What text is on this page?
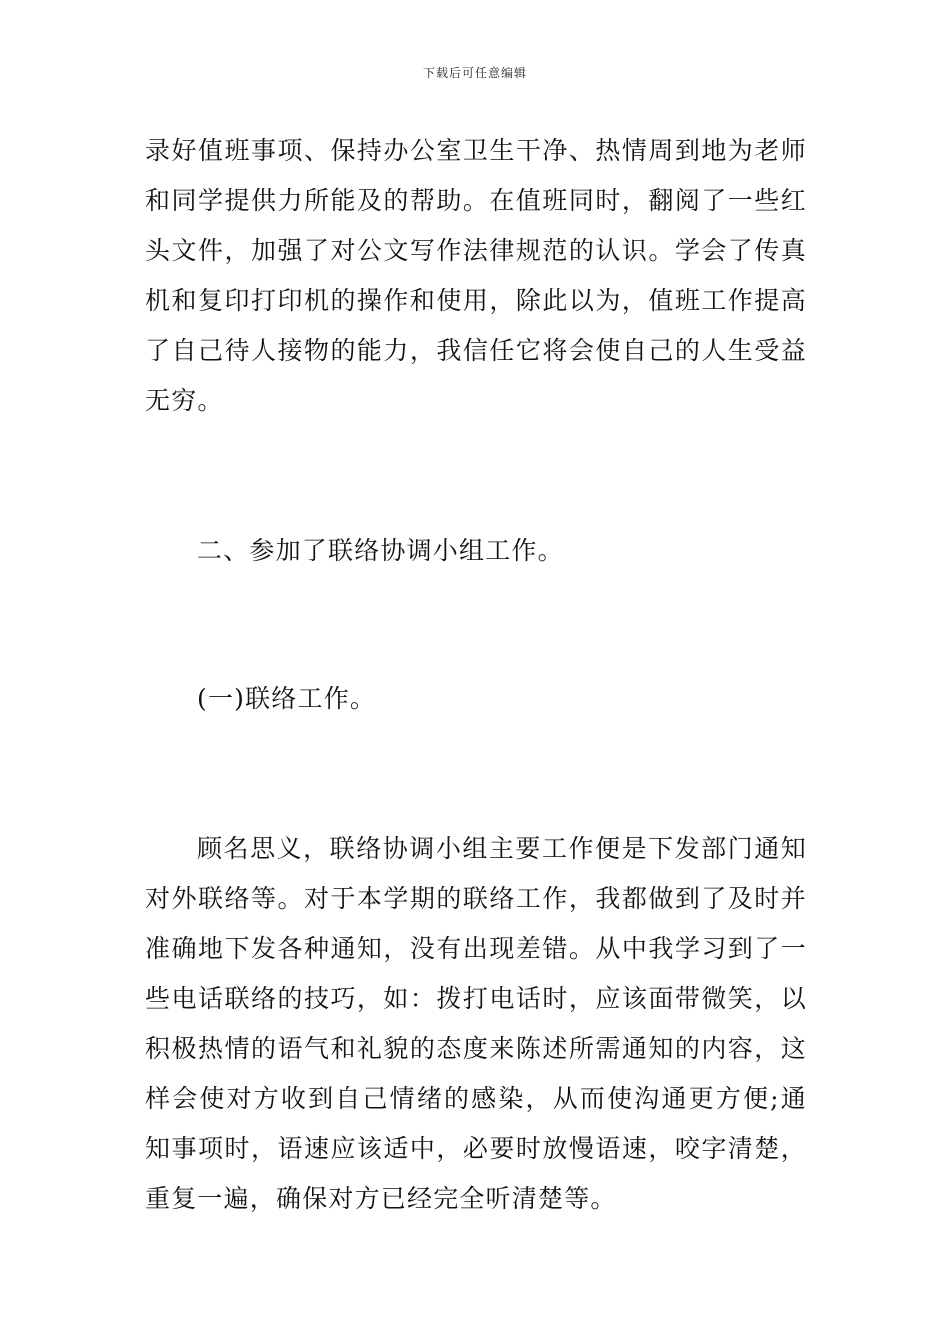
下载后可任意编辑

录好值班事项、保持办公室卫生干净、热情周到地为老师和同学提供力所能及的帮助。在值班同时，翻阅了一些红头文件，加强了对公文写作法律规范的认识。学会了传真机和复印打印机的操作和使用，除此以为，值班工作提高了自己待人接物的能力，我信任它将会使自己的人生受益无穷。

二、参加了联络协调小组工作。

(一)联络工作。

顾名思义，联络协调小组主要工作便是下发部门通知对外联络等。对于本学期的联络工作，我都做到了及时并准确地下发各种通知，没有出现差错。从中我学习到了一些电话联络的技巧，如：拨打电话时，应该面带微笑，以积极热情的语气和礼貌的态度来陈述所需通知的内容，这样会使对方收到自己情绪的感染，从而使沟通更方便;通知事项时，语速应该适中，必要时放慢语速，咬字清楚，重复一遍，确保对方已经完全听清楚等。
